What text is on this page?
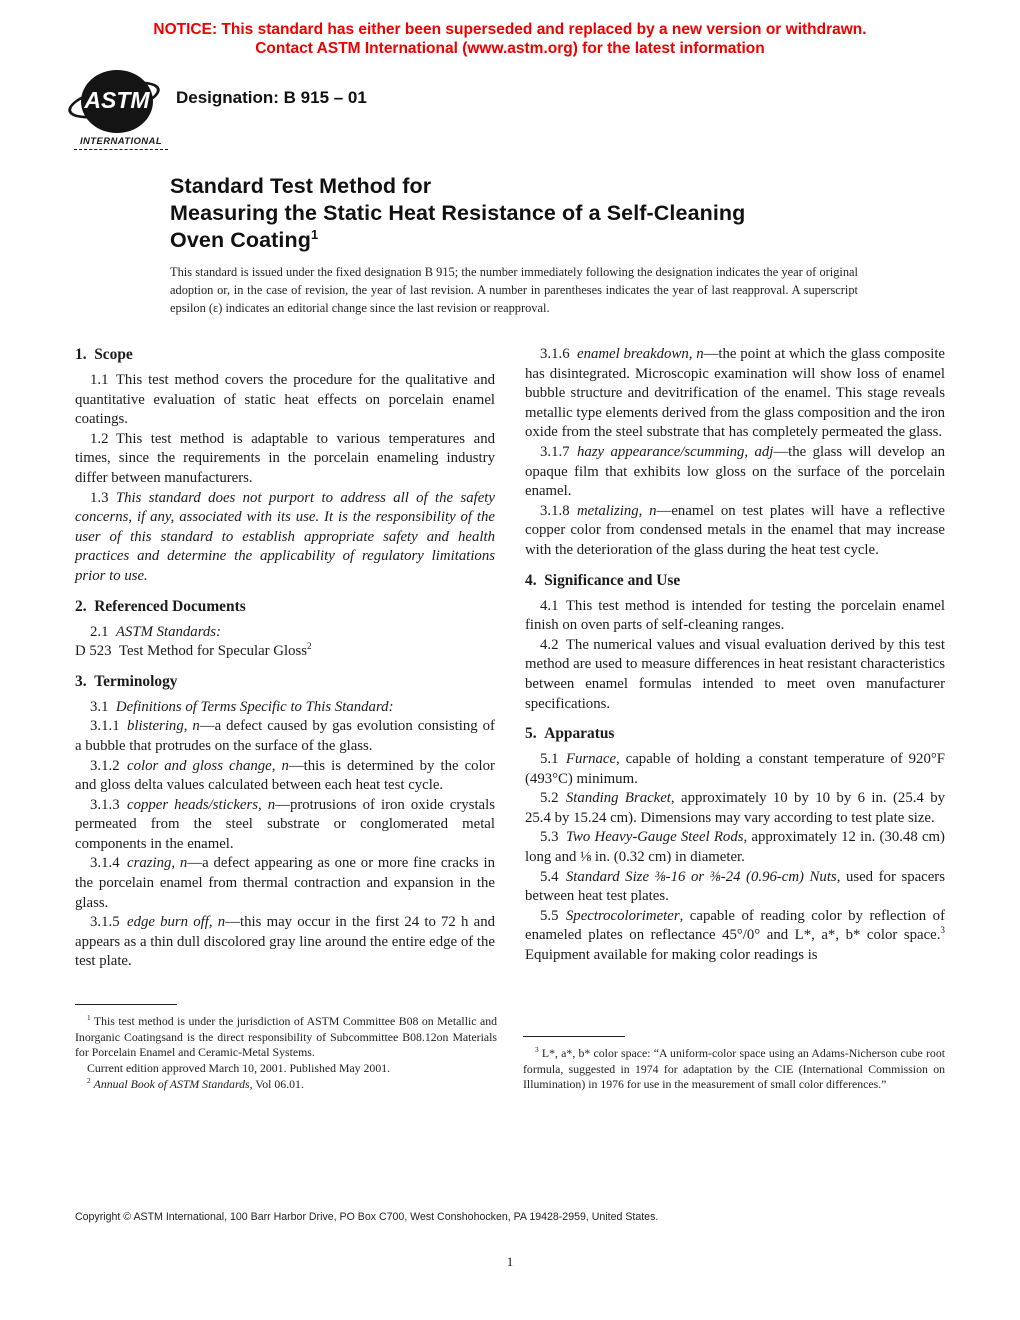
NOTICE: This standard has either been superseded and replaced by a new version or withdrawn.
Contact ASTM International (www.astm.org) for the latest information
ASTM
INTERNATIONAL
Designation: B 915 – 01
Standard Test Method for
Measuring the Static Heat Resistance of a Self-Cleaning
Oven Coating$^1$
This standard is issued under the fixed designation B 915; the number immediately following the designation indicates the year of original adoption or, in the case of revision, the year of last revision. A number in parentheses indicates the year of last reapproval. A superscript epsilon (ε) indicates an editorial change since the last revision or reapproval.
1. Scope

1.1 This test method covers the procedure for the qualitative and quantitative evaluation of static heat effects on porcelain enamel coatings.

1.2 This test method is adaptable to various temperatures and times, since the requirements in the porcelain enameling industry differ between manufacturers.

1.3 This standard does not purport to address all of the safety concerns, if any, associated with its use. It is the responsibility of the user of this standard to establish appropriate safety and health practices and determine the applicability of regulatory limitations prior to use.

2. Referenced Documents

2.1 ASTM Standards:

D 523 Test Method for Specular Gloss$^2$

3. Terminology

3.1 Definitions of Terms Specific to This Standard:

3.1.1 blistering, n—a defect caused by gas evolution consisting of a bubble that protrudes on the surface of the glass.

3.1.2 color and gloss change, n—this is determined by the color and gloss delta values calculated between each heat test cycle.

3.1.3 copper heads/stickers, n—protrusions of iron oxide crystals permeated from the steel substrate or conglomerated metal components in the enamel.

3.1.4 crazing, n—a defect appearing as one or more fine cracks in the porcelain enamel from thermal contraction and expansion in the glass.

3.1.5 edge burn off, n—this may occur in the first 24 to 72 h and appears as a thin dull discolored gray line around the entire edge of the test plate.

3.1.6 enamel breakdown, n—the point at which the glass composite has disintegrated. Microscopic examination will show loss of enamel bubble structure and devitrification of the enamel. This stage reveals metallic type elements derived from the glass composition and the iron oxide from the steel substrate that has completely permeated the glass.

3.1.7 hazy appearance/scumming, adj—the glass will develop an opaque film that exhibits low gloss on the surface of the porcelain enamel.

3.1.8 metalizing, n—enamel on test plates will have a reflective copper color from condensed metals in the enamel that may increase with the deterioration of the glass during the heat test cycle.

4. Significance and Use

4.1 This test method is intended for testing the porcelain enamel finish on oven parts of self-cleaning ranges.

4.2 The numerical values and visual evaluation derived by this test method are used to measure differences in heat resistant characteristics between enamel formulas intended to meet oven manufacturer specifications.

5. Apparatus

5.1 Furnace, capable of holding a constant temperature of 920°F (493°C) minimum.

5.2 Standing Bracket, approximately 10 by 10 by 6 in. (25.4 by 25.4 by 15.24 cm). Dimensions may vary according to test plate size.

5.3 Two Heavy-Gauge Steel Rods, approximately 12 in. (30.48 cm) long and ⅛ in. (0.32 cm) in diameter.

5.4 Standard Size ⅜-16 or ⅜-24 (0.96-cm) Nuts, used for spacers between heat test plates.

5.5 Spectrocolorimeter, capable of reading color by reflection of enameled plates on reflectance 45°/0° and L*, a*, b* color space.$^3$ Equipment available for making color readings is

$^1$ This test method is under the jurisdiction of ASTM Committee B08 on Metallic and Inorganic Coatingsand is the direct responsibility of Subcommittee B08.12on Materials for Porcelain Enamel and Ceramic-Metal Systems.

Current edition approved March 10, 2001. Published May 2001.

$^2$ Annual Book of ASTM Standards, Vol 06.01.

$^3$ L*, a*, b* color space: “A uniform-color space using an Adams-Nicherson cube root formula, suggested in 1974 for adaptation by the CIE (International Commission on Illumination) in 1976 for use in the measurement of small color differences.”

Copyright © ASTM International, 100 Barr Harbor Drive, PO Box C700, West Conshohocken, PA 19428-2959, United States.
1
